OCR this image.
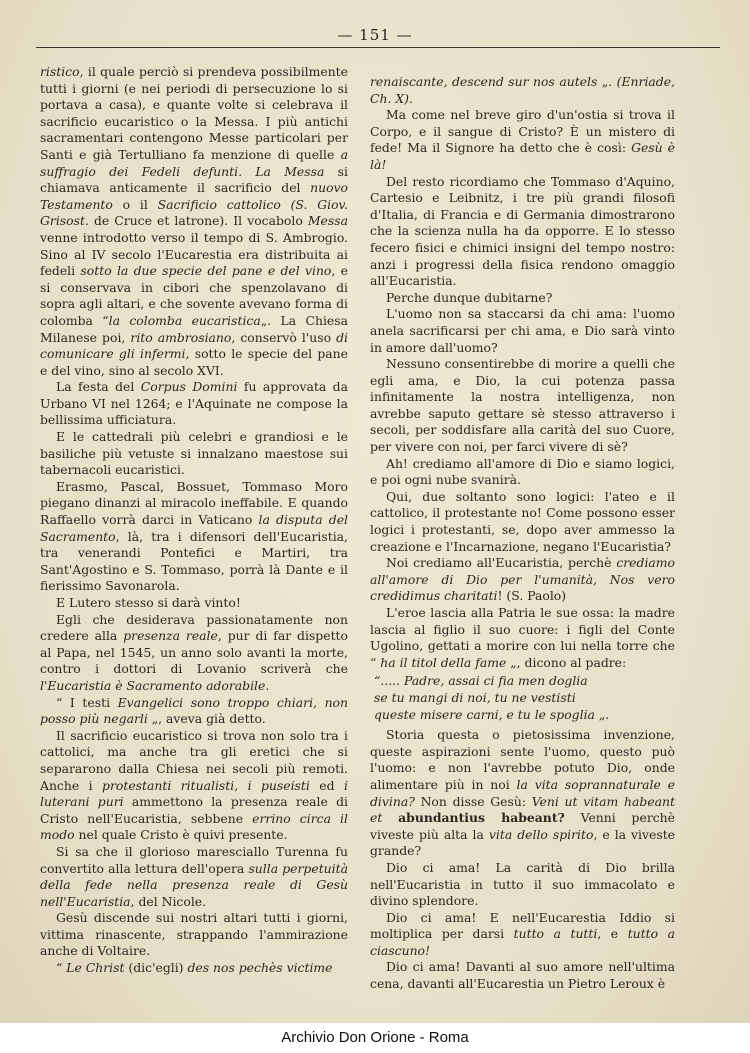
— 151 —

ristico, il quale perciò si prendeva possibilmente tutti i giorni (e nei periodi di persecuzione lo si portava a casa), e quante volte si celebrava il sacrificio eucaristico o la Messa. I più antichi sacramentari contengono Messe particolari per Santi e già Tertulliano fa menzione di quelle a suffragio dei Fedeli defunti. La Messa si chiamava anticamente il sacrificio del nuovo Testamento o il Sacrificio cattolico (S. Giov. Grisost. de Cruce et latrone). Il vocabolo Messa venne introdotto verso il tempo di S. Ambrogio. Sino al IV secolo l'Eucarestia era distribuita ai fedeli sotto la due specie del pane e del vino, e si conservava in cibori che spenzolavano di sopra agli altari, e che sovente avevano forma di colomba “la colomba eucaristica„. La Chiesa Milanese poi, rito ambrosiano, conservò l'uso di comunicare gli infermi, sotto le specie del pane e del vino, sino al secolo XVI.

La festa del Corpus Domini fu approvata da Urbano VI nel 1264; e l'Aquinate ne compose la bellissima ufficiatura.

E le cattedrali più celebri e grandiosi e le basiliche più vetuste si innalzano maestose sui tabernacoli eucaristici.

Erasmo, Pascal, Bossuet, Tommaso Moro piegano dinanzi al miracolo ineffabile. E quando Raffaello vorrà darci in Vaticano la disputa del Sacramento, là, tra i difensori dell'Eucaristia, tra venerandi Pontefici e Martiri, tra Sant'Agostino e S. Tommaso, porrà là Dante e il fierissimo Savonarola.

E Lutero stesso si darà vinto!

Egli che desiderava passionatamente non credere alla presenza reale, pur di far dispetto al Papa, nel 1545, un anno solo avanti la morte, contro i dottori di Lovanio scriverà che l'Eucaristia è Sacramento adorabile.

“ I testi Evangelici sono troppo chiari, non posso più negarli „, aveva già detto.

Il sacrificio eucaristico si trova non solo tra i cattolici, ma anche tra gli eretici che si separarono dalla Chiesa nei secoli più remoti. Anche i protestanti ritualisti, i puseisti ed i luterani puri ammettono la presenza reale di Cristo nell'Eucaristia, sebbene errino circa il modo nel quale Cristo è quivi presente.

Si sa che il glorioso maresciallo Turenna fu convertito alla lettura dell'opera sulla perpetuità della fede nella presenza reale di Gesù nell'Eucaristia, del Nicole.

Gesù discende sui nostri altari tutti i giorni, vittima rinascente, strappando l'ammirazione anche di Voltaire.

“ Le Christ (dic'egli) des nos pechès victime

renaiscante, descend sur nos autels „. (Enriade, Ch. X).

Ma come nel breve giro d'un'ostia si trova il Corpo, e il sangue di Cristo? È un mistero di fede! Ma il Signore ha detto che è così: Gesù è là!

Del resto ricordiamo che Tommaso d'Aquino, Cartesio e Leibnitz, i tre più grandi filosofi d'Italia, di Francia e di Germania dimostrarono che la scienza nulla ha da opporre. E lo stesso fecero fisici e chimici insigni del tempo nostro: anzi i progressi della fisica rendono omaggio all'Eucaristia.

Perche dunque dubitarne?

L'uomo non sa staccarsi da chi ama: l'uomo anela sacrificarsi per chi ama, e Dio sarà vinto in amore dall'uomo?

Nessuno consentirebbe di morire a quelli che egli ama, e Dio, la cui potenza passa infinitamente la nostra intelligenza, non avrebbe saputo gettare sè stesso attraverso i secoli, per soddisfare alla carità del suo Cuore, per vivere con noi, per farci vivere di sè?

Ah! crediamo all'amore di Dio e siamo logici, e poi ogni nube svanirà.

Qui, due soltanto sono logici: l'ateo e il cattolico, il protestante no! Come possono esser logici i protestanti, se, dopo aver ammesso la creazione e l'Incarnazione, negano l'Eucaristia?

Noi crediamo all'Eucaristia, perchè crediamo all'amore di Dio per l'umanità, Nos vero credidimus charitati! (S. Paolo)

L'eroe lascia alla Patria le sue ossa: la madre lascia al figlio il suo cuore: i figli del Conte Ugolino, gettati a morire con lui nella torre che “ ha il titol della fame „, dicono al padre:

“..... Padre, assai ci fia men doglia

se tu mangi di noi, tu ne vestisti

queste misere carni, e tu le spoglia „.

Storia questa o pietosissima invenzione, queste aspirazioni sente l'uomo, questo può l'uomo: e non l'avrebbe potuto Dio, onde alimentare più in noi la vita soprannaturale e divina? Non disse Gesù: Veni ut vitam habeant et abundantius habeant? Venni perchè viveste più alta la vita dello spirito, e la viveste grande?

Dio ci ama! La carità di Dio brilla nell'Eucaristia in tutto il suo immacolato e divino splendore.

Dio ci ama! E nell'Eucarestia Iddio si moltiplica per darsi tutto a tutti, e tutto a ciascuno!

Dio ci ama! Davanti al suo amore nell'ultima cena, davanti all'Eucarestia un Pietro Leroux è

Archivio Don Orione - Roma
